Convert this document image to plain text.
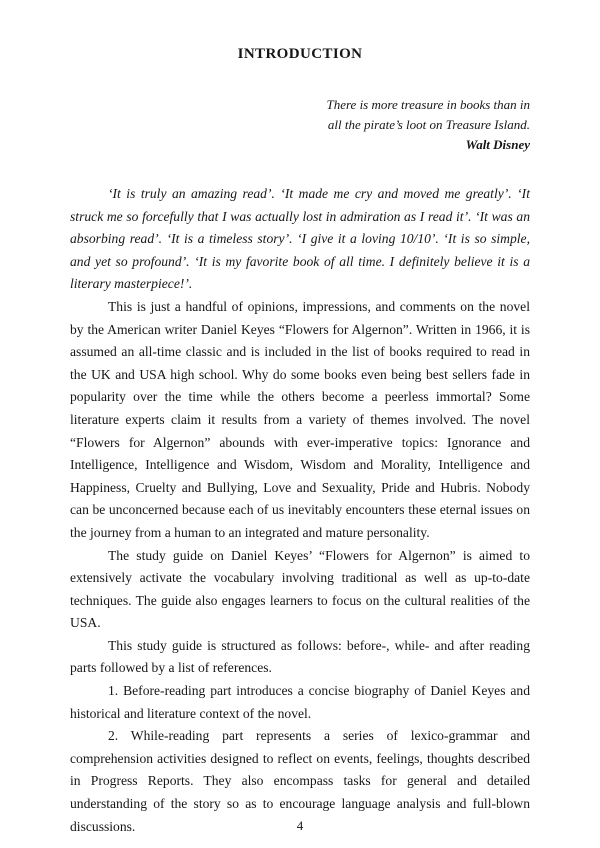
INTRODUCTION
There is more treasure in books than in
all the pirate’s loot on Treasure Island.
Walt Disney

‘It is truly an amazing read’. ‘It made me cry and moved me greatly’. ‘It struck me so forcefully that I was actually lost in admiration as I read it’. ‘It was an absorbing read’. ‘It is a timeless story’. ‘I give it a loving 10/10’. ‘It is so simple, and yet so profound’. ‘It is my favorite book of all time. I definitely believe it is a literary masterpiece!’.

This is just a handful of opinions, impressions, and comments on the novel by the American writer Daniel Keyes “Flowers for Algernon”. Written in 1966, it is assumed an all-time classic and is included in the list of books required to read in the UK and USA high school. Why do some books even being best sellers fade in popularity over the time while the others become a peerless immortal? Some literature experts claim it results from a variety of themes involved. The novel “Flowers for Algernon” abounds with ever-imperative topics: Ignorance and Intelligence, Intelligence and Wisdom, Wisdom and Morality, Intelligence and Happiness, Cruelty and Bullying, Love and Sexuality, Pride and Hubris. Nobody can be unconcerned because each of us inevitably encounters these eternal issues on the journey from a human to an integrated and mature personality.

The study guide on Daniel Keyes’ “Flowers for Algernon” is aimed to extensively activate the vocabulary involving traditional as well as up-to-date techniques. The guide also engages learners to focus on the cultural realities of the USA.

This study guide is structured as follows: before-, while- and after reading parts followed by a list of references.

1. Before-reading part introduces a concise biography of Daniel Keyes and historical and literature context of the novel.

2. While-reading part represents a series of lexico-grammar and comprehension activities designed to reflect on events, feelings, thoughts described in Progress Reports. They also encompass tasks for general and detailed understanding of the story so as to encourage language analysis and full-blown discussions.	4
